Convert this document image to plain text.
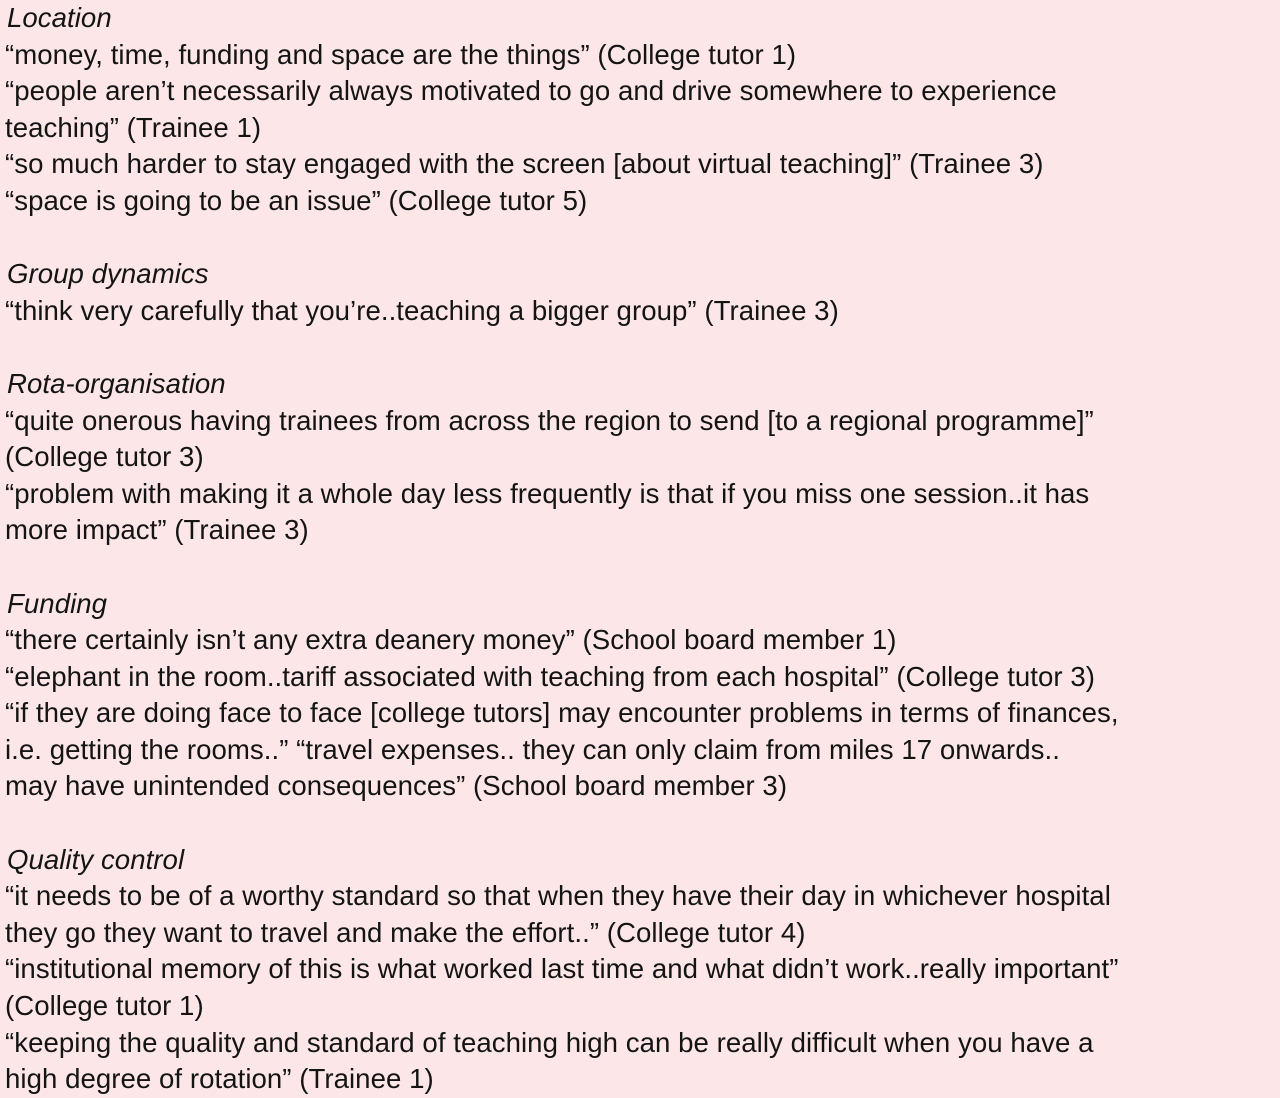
Location
“money, time, funding and space are the things” (College tutor 1)
“people aren’t necessarily always motivated to go and drive somewhere to experience
teaching” (Trainee 1)
“so much harder to stay engaged with the screen [about virtual teaching]” (Trainee 3)
“space is going to be an issue” (College tutor 5)
Group dynamics
“think very carefully that you’re..teaching a bigger group” (Trainee 3)
Rota-organisation
“quite onerous having trainees from across the region to send [to a regional programme]”
(College tutor 3)
“problem with making it a whole day less frequently is that if you miss one session..it has
more impact” (Trainee 3)
Funding
“there certainly isn’t any extra deanery money” (School board member 1)
“elephant in the room..tariff associated with teaching from each hospital” (College tutor 3)
“if they are doing face to face [college tutors] may encounter problems in terms of finances,
i.e. getting the rooms..” “travel expenses.. they can only claim from miles 17 onwards..
may have unintended consequences” (School board member 3)
Quality control
“it needs to be of a worthy standard so that when they have their day in whichever hospital
they go they want to travel and make the effort..” (College tutor 4)
“institutional memory of this is what worked last time and what didn’t work..really important”
(College tutor 1)
“keeping the quality and standard of teaching high can be really difficult when you have a
high degree of rotation” (Trainee 1)
